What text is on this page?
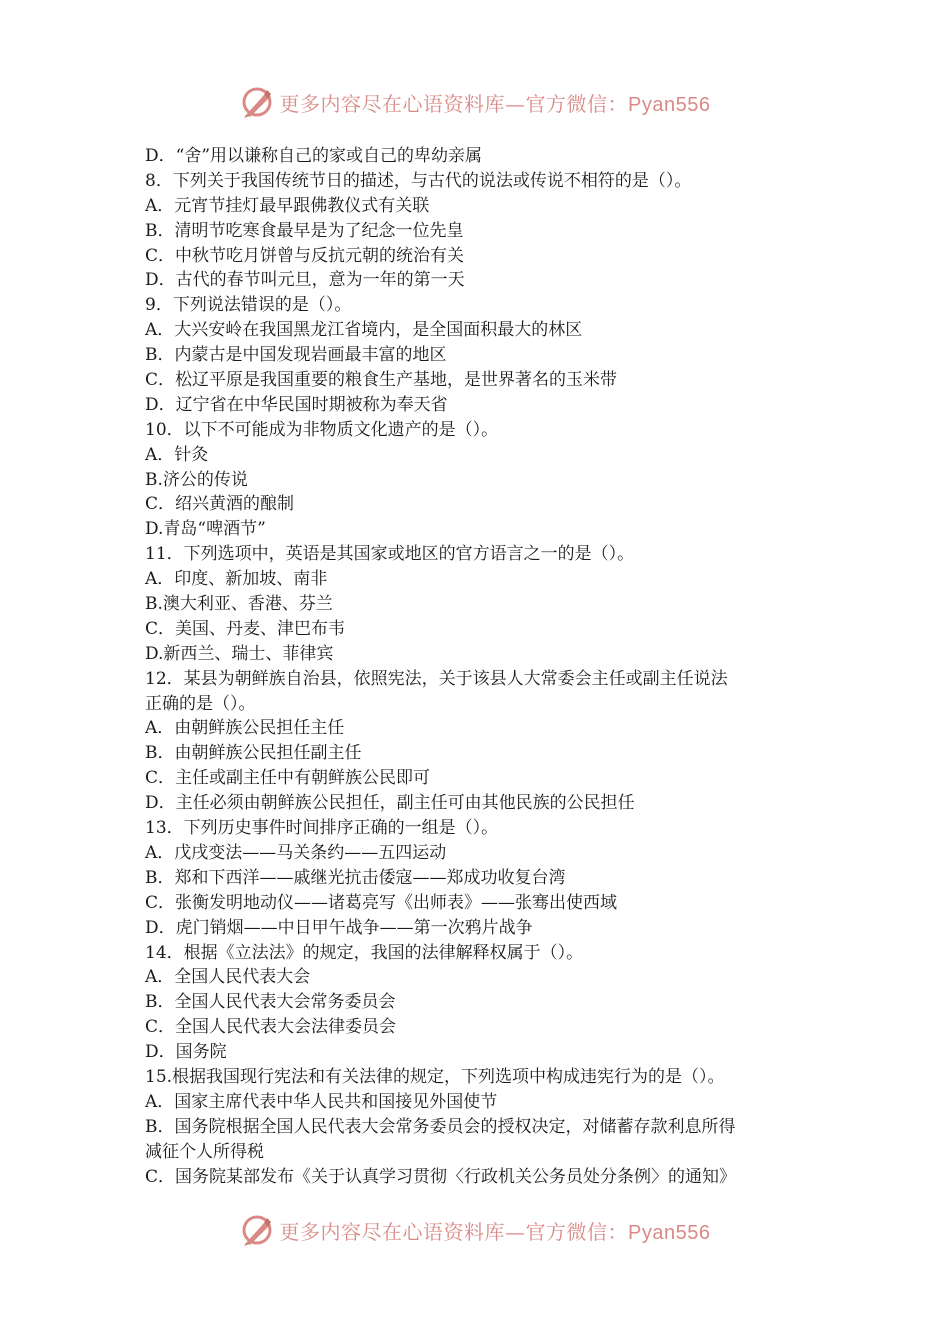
更多内容尽在心语资料库—官方微信：Pyan556
D．“舍”用以谦称自己的家或自己的卑幼亲属
8．下列关于我国传统节日的描述，与古代的说法或传说不相符的是（）。
A．元宵节挂灯最早跟佛教仪式有关联
B．清明节吃寒食最早是为了纪念一位先皇
C．中秋节吃月饼曾与反抗元朝的统治有关
D．古代的春节叫元旦，意为一年的第一天
9．下列说法错误的是（）。
A．大兴安岭在我国黑龙江省境内，是全国面积最大的林区
B．内蒙古是中国发现岩画最丰富的地区
C．松辽平原是我国重要的粮食生产基地，是世界著名的玉米带
D．辽宁省在中华民国时期被称为奉天省
10．以下不可能成为非物质文化遗产的是（）。
A．针灸
B.济公的传说
C．绍兴黄酒的酿制
D.青岛“啤酒节”
11．下列选项中，英语是其国家或地区的官方语言之一的是（）。
A．印度、新加坡、南非
B.澳大利亚、香港、芬兰
C．美国、丹麦、津巴布韦
D.新西兰、瑞士、菲律宾
12．某县为朝鲜族自治县，依照宪法，关于该县人大常委会主任或副主任说法
正确的是（）。
A．由朝鲜族公民担任主任
B．由朝鲜族公民担任副主任
C．主任或副主任中有朝鲜族公民即可
D．主任必须由朝鲜族公民担任，副主任可由其他民族的公民担任
13．下列历史事件时间排序正确的一组是（）。
A．戊戌变法——马关条约——五四运动
B．郑和下西洋——戚继光抗击倭寇——郑成功收复台湾
C．张衡发明地动仪——诸葛亮写《出师表》——张骞出使西域
D．虎门销烟——中日甲午战争——第一次鸦片战争
14．根据《立法法》的规定，我国的法律解释权属于（）。
A．全国人民代表大会
B．全国人民代表大会常务委员会
C．全国人民代表大会法律委员会
D．国务院
15.根据我国现行宪法和有关法律的规定，下列选项中构成违宪行为的是（）。
A．国家主席代表中华人民共和国接见外国使节
B．国务院根据全国人民代表大会常务委员会的授权决定，对储蓄存款利息所得
减征个人所得税
C．国务院某部发布《关于认真学习贯彻〈行政机关公务员处分条例〉的通知》
更多内容尽在心语资料库—官方微信：Pyan556
